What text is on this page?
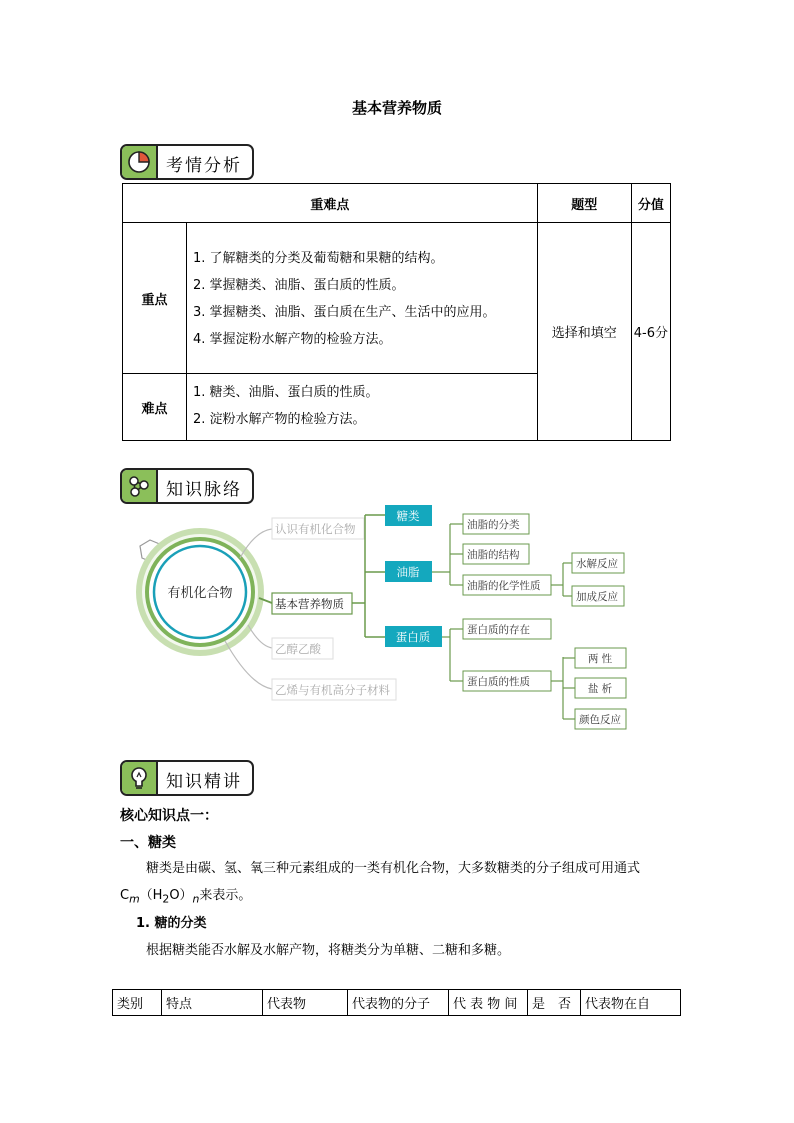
基本营养物质
考情分析
重难点		题型	分值
重点	1. 了解糖类的分类及葡萄糖和果糖的结构。
2. 掌握糖类、油脂、蛋白质的性质。
3. 掌握糖类、油脂、蛋白质在生产、生活中的应用。
4. 掌握淀粉水解产物的检验方法。	选择和填空	4-6分
难点	1. 糖类、油脂、蛋白质的性质。
2. 淀粉水解产物的检验方法。		
知识脉络
有机化合物
认识有机化合物
基本营养物质
乙醇乙酸
乙烯与有机高分子材料
糖类
油脂
蛋白质
油脂的分类
油脂的结构
油脂的化学性质
水解反应
加成反应
蛋白质的存在
蛋白质的性质
两 性
盐 析
颜色反应
知识精讲
核心知识点一：
一、糖类
糖类是由碳、氢、氧三种元素组成的一类有机化合物，大多数糖类的分子组成可用通式
$C_m(H_2O)_n$来表示。
1. 糖的分类
根据糖类能否水解及水解产物，将糖类分为单糖、二糖和多糖。
类别	特点	代表物	代表物的分子	代 表 物 间	是　否	代表物在自
